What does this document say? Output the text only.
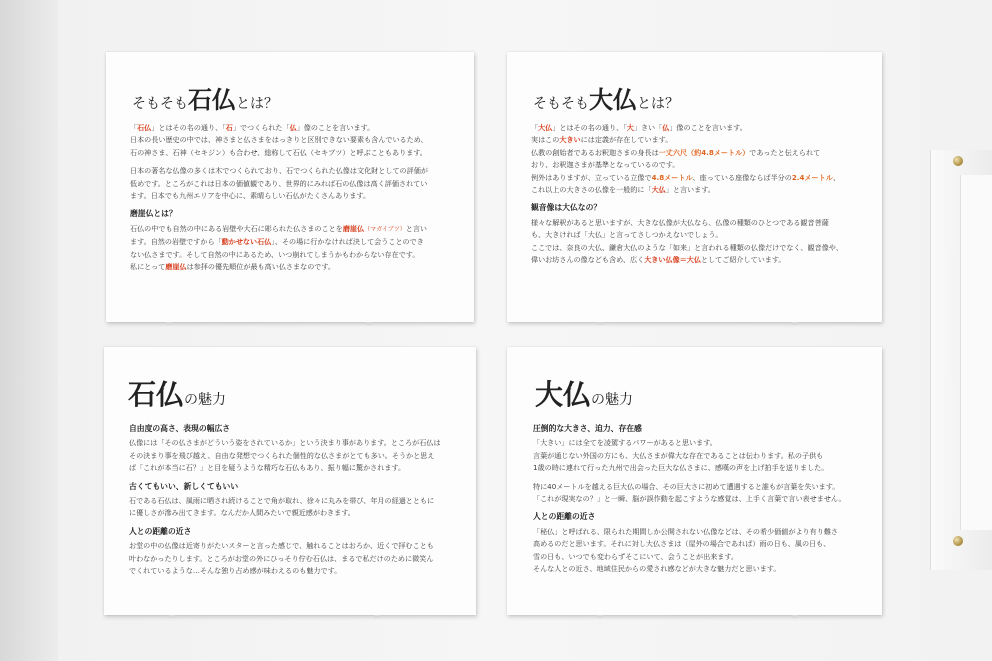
そもそも石仏とは？

「石仏」とはその名の通り、「石」でつくられた「仏」像のことを言います。
日本の長い歴史の中では、神さまと仏さまをはっきりと区別できない要素も含んでいるため、
石の神さま、石神（セキジン）も合わせ、総称して石仏（セキブツ）と呼ぶこともあります。

日本の著名な仏像の多くは木でつくられており、石でつくられた仏像は文化財としての評価が
低めです。ところがこれは日本の価値観であり、世界的にみれば石の仏像は高く評価されてい
ます。日本でも九州エリアを中心に、素晴らしい石仏がたくさんあります。

磨崖仏とは？

石仏の中でも自然の中にある岩壁や大石に彫られた仏さまのことを磨崖仏（マガイブツ）と言い
ます。自然の岩壁ですから「動かせない石仏」、その場に行かなければ決して会うことのでき
ない仏さまです。そして自然の中にあるため、いつ崩れてしまうかもわからない存在です。
私にとって磨崖仏は参拝の優先順位が最も高い仏さまなのです。

そもそも大仏とは？

「大仏」とはその名の通り、「大」きい「仏」像のことを言います。
実はこの大きいには定義が存在しています。
仏教の創始者であるお釈迦さまの身長は一丈六尺（約4.8メートル）であったと伝えられて
おり、お釈迦さまが基準となっているのです。
例外はありますが、立っている立像で4.8メートル、座っている座像ならば半分の2.4メートル、
これ以上の大きさの仏像を一般的に「大仏」と言います。

観音像は大仏なの？

様々な解釈があると思いますが、大きな仏像が大仏なら、仏像の種類のひとつである観音菩薩
も、大きければ「大仏」と言ってさしつかえないでしょう。
ここでは、奈良の大仏、鎌倉大仏のような「如来」と言われる種類の仏像だけでなく、観音像や、
偉いお坊さんの像なども含め、広く大きい仏像＝大仏としてご紹介しています。

石仏の魅力
自由度の高さ、表現の幅広さ

仏像には「その仏さまがどういう姿をされているか」という決まり事があります。ところが石仏は
その決まり事を飛び越え、自由な発想でつくられた個性的な仏さまがとても多い。そうかと思え
ば「これが本当に石？」と目を疑うような精巧な石仏もあり、振り幅に驚かされます。

古くてもいい、新しくてもいい

石である石仏は、風雨に晒され続けることで角が取れ、徐々に丸みを帯び、年月の経過とともに
に優しさが滲み出てきます。なんだか人間みたいで親近感がわきます。

人との距離の近さ

お堂の中の仏像は近寄りがたいスターと言った感じで、触れることはおろか、近くで拝むことも
叶わなかったりします。ところがお堂の外にひっそり佇む石仏は、まるで私だけのために微笑ん
でくれているような…そんな独り占め感が味わえるのも魅力です。

大仏の魅力
圧倒的な大きさ、迫力、存在感

「大きい」には全てを凌駕するパワーがあると思います。
言葉が通じない外国の方にも、大仏さまが偉大な存在であることは伝わります。私の子供も
1歳の時に連れて行った九州で出会った巨大な仏さまに、感嘆の声を上げ拍手を送りました。

特に40メートルを越える巨大仏の場合、その巨大さに初めて遭遇すると誰もが言葉を失います。
「これが現実なの？」と一瞬、脳が誤作動を起こすような感覚は、上手く言葉で言い表せません。

人との距離の近さ

「秘仏」と呼ばれる、限られた期間しか公開されない仏像などは、その希少価値がより有り難さ
高めるのだと思います。それに対し大仏さまは（屋外の場合であれば）雨の日も、風の日も、
雪の日も、いつでも変わらずそこにいて、会うことが出来ます。
そんな人との近さ、地域住民からの愛され感などが大きな魅力だと思います。
